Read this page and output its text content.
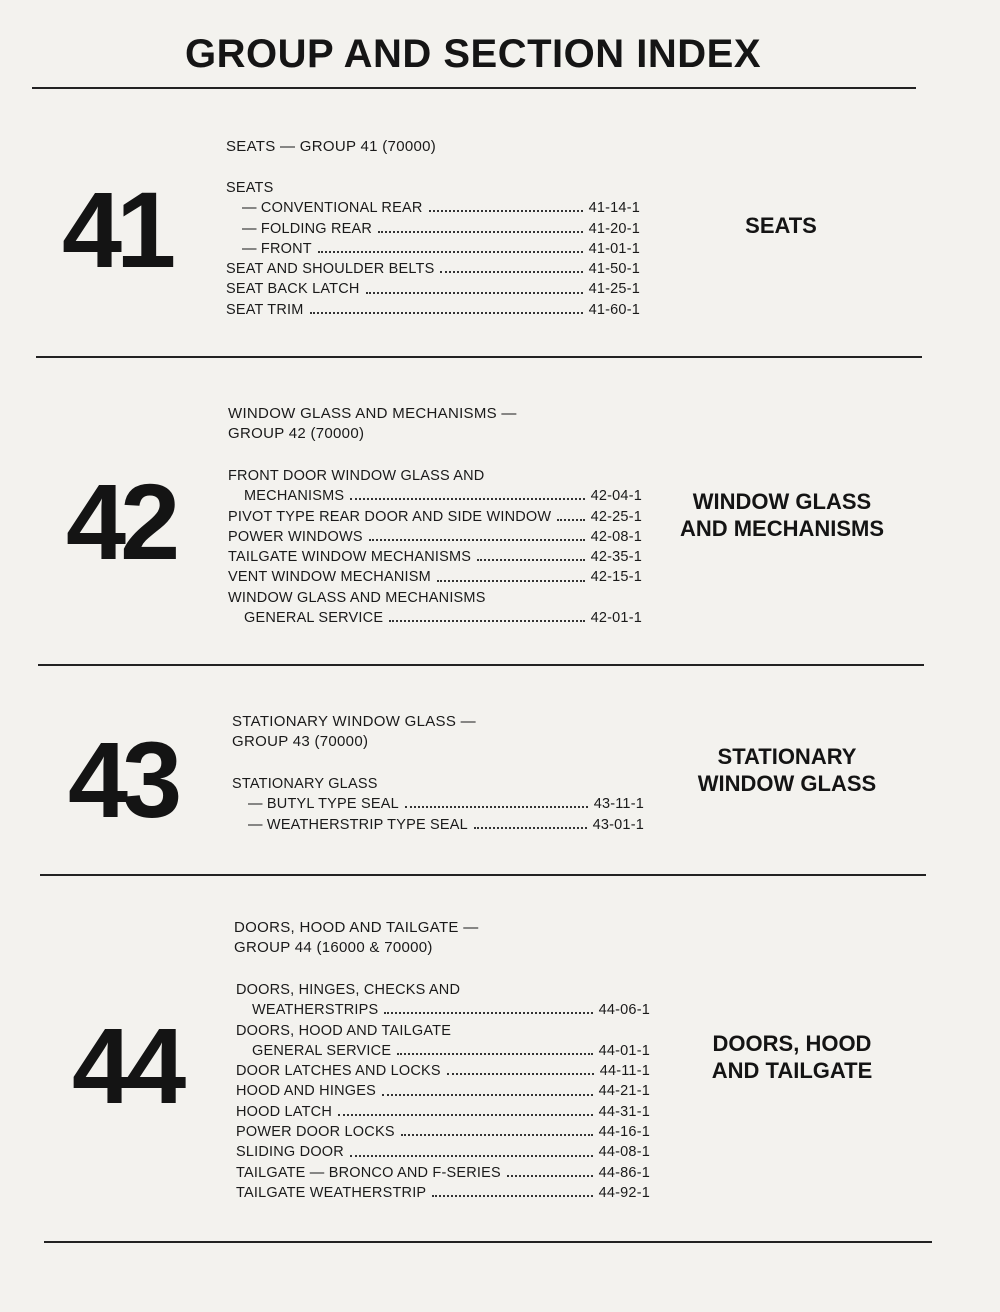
GROUP AND SECTION INDEX
41
SEATS — GROUP 41 (70000)
SEATS
— CONVENTIONAL REAR	41-14-1
— FOLDING REAR	41-20-1
— FRONT	41-01-1
SEAT AND SHOULDER BELTS	41-50-1
SEAT BACK LATCH	41-25-1
SEAT TRIM	41-60-1
SEATS
42
WINDOW GLASS AND MECHANISMS —
GROUP 42 (70000)
FRONT DOOR WINDOW GLASS AND
MECHANISMS	42-04-1
PIVOT TYPE REAR DOOR AND SIDE WINDOW	42-25-1
POWER WINDOWS	42-08-1
TAILGATE WINDOW MECHANISMS	42-35-1
VENT WINDOW MECHANISM	42-15-1
WINDOW GLASS AND MECHANISMS
GENERAL SERVICE	42-01-1
WINDOW GLASS
AND MECHANISMS
43	STATIONARY WINDOW GLASS —
GROUP 43 (70000)
STATIONARY GLASS
— BUTYL TYPE SEAL	43-11-1
— WEATHERSTRIP TYPE SEAL	43-01-1
STATIONARY
WINDOW GLASS
44
DOORS, HOOD AND TAILGATE —
GROUP 44 (16000 & 70000)
DOORS, HINGES, CHECKS AND
WEATHERSTRIPS	44-06-1
DOORS, HOOD AND TAILGATE
GENERAL SERVICE	44-01-1
DOOR LATCHES AND LOCKS	44-11-1
HOOD AND HINGES	44-21-1
HOOD LATCH	44-31-1
POWER DOOR LOCKS	44-16-1
SLIDING DOOR	44-08-1
TAILGATE — BRONCO AND F-SERIES	44-86-1
TAILGATE WEATHERSTRIP	44-92-1
DOORS, HOOD
AND TAILGATE
